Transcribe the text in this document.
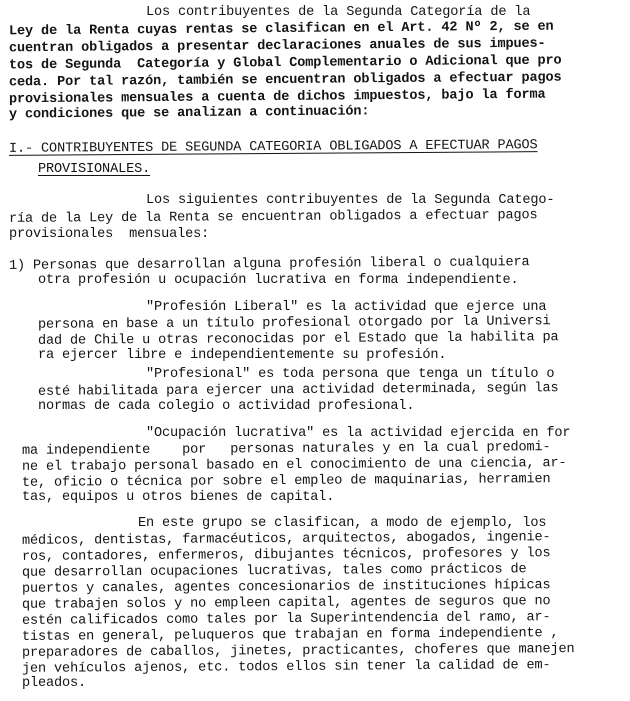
Los contribuyentes de la Segunda Categoría de la
Ley de la Renta cuyas rentas se clasifican en el Art. 42 Nº 2, se en
cuentran obligados a presentar declaraciones anuales de sus impues-
tos de Segunda  Categoría y Global Complementario o Adicional que pro
ceda. Por tal razón, también se encuentran obligados a efectuar pagos
provisionales mensuales a cuenta de dichos impuestos, bajo la forma
y condiciones que se analizan a continuación:
I.- CONTRIBUYENTES DE SEGUNDA CATEGORIA OBLIGADOS A EFECTUAR PAGOS
PROVISIONALES.
Los siguientes contribuyentes de la Segunda Catego-
ría de la Ley de la Renta se encuentran obligados a efectuar pagos
provisionales  mensuales:
1) Personas que desarrollan alguna profesión liberal o cualquiera
otra profesión u ocupación lucrativa en forma independiente.
"Profesión Liberal" es la actividad que ejerce una
persona en base a un título profesional otorgado por la Universi
dad de Chile u otras reconocidas por el Estado que la habilita pa
ra ejercer libre e independientemente su profesión.
"Profesional" es toda persona que tenga un título o
esté habilitada para ejercer una actividad determinada, según las
normas de cada colegio o actividad profesional.
"Ocupación lucrativa" es la actividad ejercida en for
ma independiente    por   personas naturales y en la cual predomi-
ne el trabajo personal basado en el conocimiento de una ciencia, ar-
te, oficio o técnica por sobre el empleo de maquinarias, herramien
tas, equipos u otros bienes de capital.
En este grupo se clasifican, a modo de ejemplo, los
médicos, dentistas, farmacéuticos, arquitectos, abogados, ingenie-
ros, contadores, enfermeros, dibujantes técnicos, profesores y los
que desarrollan ocupaciones lucrativas, tales como prácticos de
puertos y canales, agentes concesionarios de instituciones hípicas
que trabajen solos y no empleen capital, agentes de seguros que no
estén calificados como tales por la Superintendencia del ramo, ar-
tistas en general, peluqueros que trabajan en forma independiente ,
preparadores de caballos, jinetes, practicantes, choferes que manejen
jen vehículos ajenos, etc. todos ellos sin tener la calidad de em-
pleados.
